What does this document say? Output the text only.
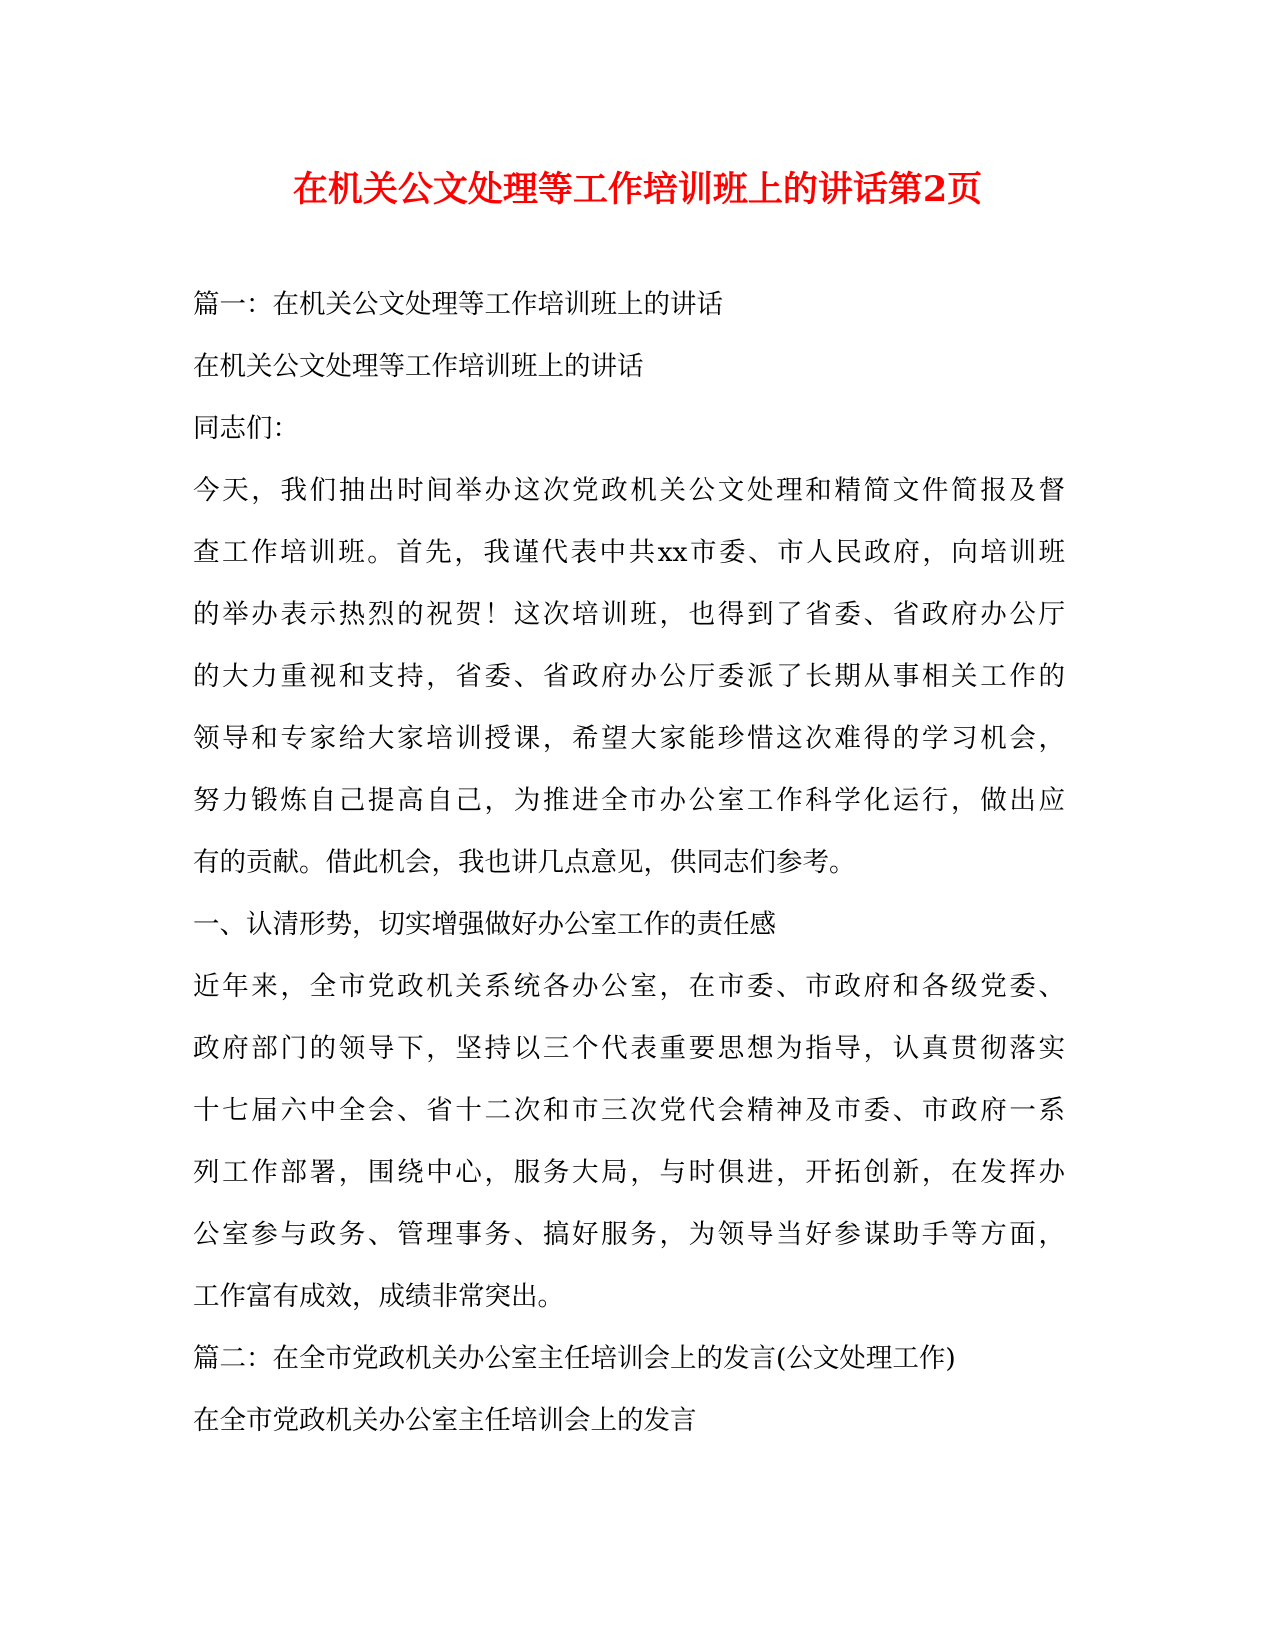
在机关公文处理等工作培训班上的讲话第2页
篇一：在机关公文处理等工作培训班上的讲话
在机关公文处理等工作培训班上的讲话
同志们：
今天，我们抽出时间举办这次党政机关公文处理和精简文件简报及督
查工作培训班。首先，我谨代表中共xx市委、市人民政府，向培训班
的举办表示热烈的祝贺！这次培训班，也得到了省委、省政府办公厅
的大力重视和支持，省委、省政府办公厅委派了长期从事相关工作的
领导和专家给大家培训授课，希望大家能珍惜这次难得的学习机会，
努力锻炼自己提高自己，为推进全市办公室工作科学化运行，做出应
有的贡献。借此机会，我也讲几点意见，供同志们参考。
一、认清形势，切实增强做好办公室工作的责任感
近年来，全市党政机关系统各办公室，在市委、市政府和各级党委、
政府部门的领导下，坚持以三个代表重要思想为指导，认真贯彻落实
十七届六中全会、省十二次和市三次党代会精神及市委、市政府一系
列工作部署，围绕中心，服务大局，与时俱进，开拓创新，在发挥办
公室参与政务、管理事务、搞好服务，为领导当好参谋助手等方面，
工作富有成效，成绩非常突出。
篇二：在全市党政机关办公室主任培训会上的发言(公文处理工作)
在全市党政机关办公室主任培训会上的发言
